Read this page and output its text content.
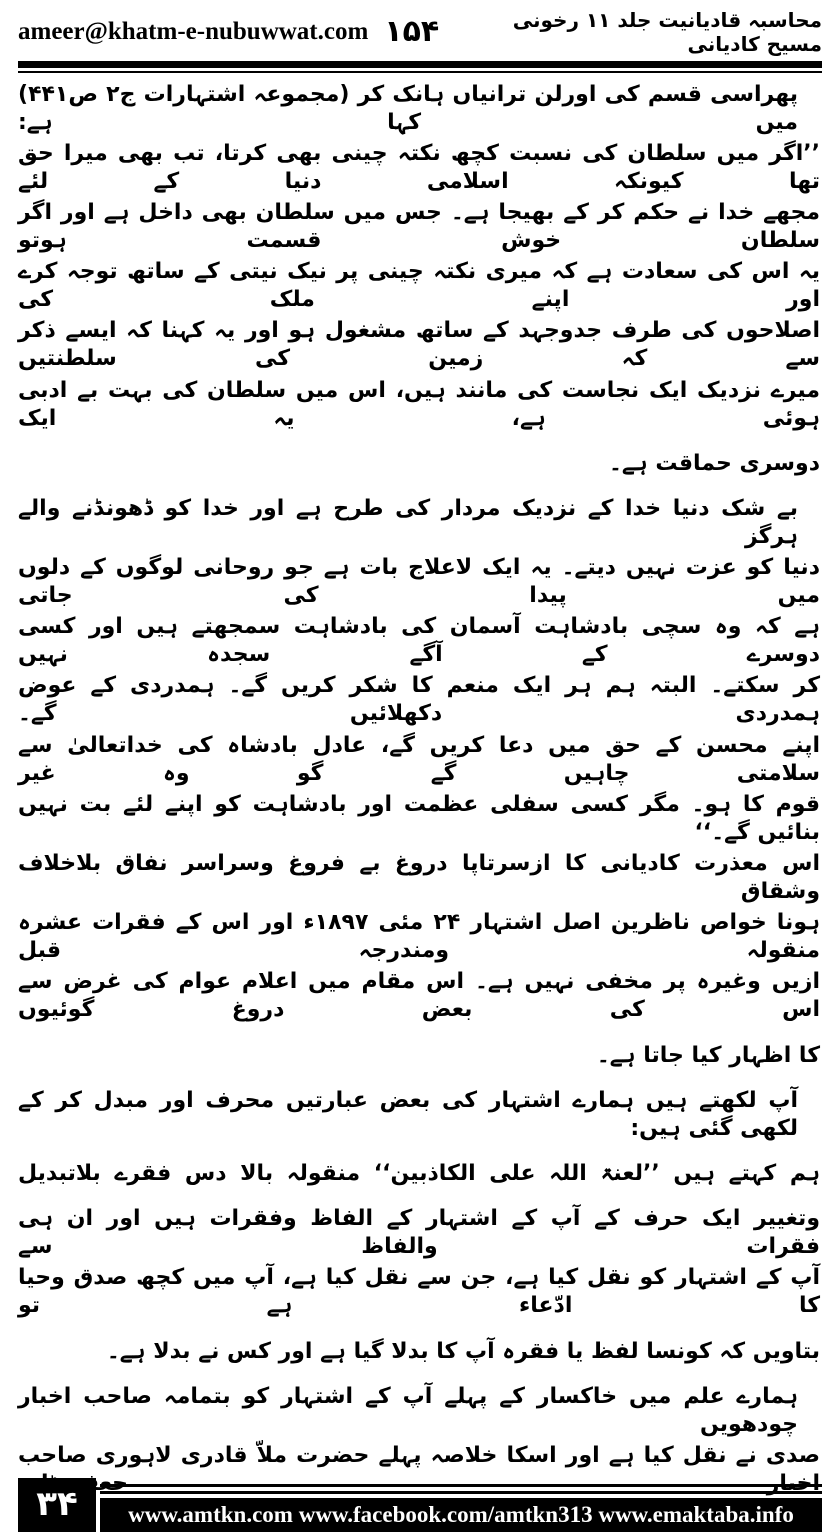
ameer@khatm-e-nubuwwat.com ۱۵۴	محاسبہ قادیانیت جلد ۱۱ رخونی مسیح کادیانی
پھراسی قسم کی اورلن ترانیاں ہانک کر (مجموعہ اشتہارات ج۲ ص۴۴۱) میں کہا ہے:
’’اگر میں سلطان کی نسبت کچھ نکتہ چینی بھی کرتا، تب بھی میرا حق تھا کیونکہ اسلامی دنیا کے لئے
مجھے خدا نے حکم کر کے بھیجا ہے۔ جس میں سلطان بھی داخل ہے اور اگر سلطان خوش قسمت ہوتو
یہ اس کی سعادت ہے کہ میری نکتہ چینی پر نیک نیتی کے ساتھ توجہ کرے اور اپنے ملک کی
اصلاحوں کی طرف جدوجہد کے ساتھ مشغول ہو اور یہ کہنا کہ ایسے ذکر سے کہ زمین کی سلطنتیں
میرے نزدیک ایک نجاست کی مانند ہیں، اس میں سلطان کی بہت بے ادبی ہوئی ہے، یہ ایک
دوسری حماقت ہے۔
بے شک دنیا خدا کے نزدیک مردار کی طرح ہے اور خدا کو ڈھونڈنے والے ہرگز
دنیا کو عزت نہیں دیتے۔ یہ ایک لاعلاج بات ہے جو روحانی لوگوں کے دلوں میں پیدا کی جاتی
ہے کہ وہ سچی بادشاہت آسمان کی بادشاہت سمجھتے ہیں اور کسی دوسرے کے آگے سجدہ نہیں
کر سکتے۔ البتہ ہم ہر ایک منعم کا شکر کریں گے۔ ہمدردی کے عوض ہمدردی دکھلائیں گے۔
اپنے محسن کے حق میں دعا کریں گے، عادل بادشاہ کی خداتعالیٰ سے سلامتی چاہیں گے گو وہ غیر
قوم کا ہو۔ مگر کسی سفلی عظمت اور بادشاہت کو اپنے لئے بت نہیں بنائیں گے۔‘‘
اس معذرت کادیانی کا ازسرتاپا دروغ بے فروغ وسراسر نفاق بلاخلاف وشقاق
ہونا خواص ناظرین اصل اشتہار ۲۴ مئی ۱۸۹۷ء اور اس کے فقرات عشرہ منقولہ ومندرجہ قبل
ازیں وغیرہ پر مخفی نہیں ہے۔ اس مقام میں اعلام عوام کی غرض سے اس کی بعض دروغ گوئیوں
کا اظہار کیا جاتا ہے۔
آپ لکھتے ہیں ہمارے اشتہار کی بعض عبارتیں محرف اور مبدل کر کے لکھی گئی ہیں:
ہم کہتے ہیں ’’لعنۃ اللہ علی الکاذبین‘‘ منقولہ بالا دس فقرے بلاتبدیل
وتغییر ایک حرف کے آپ کے اشتہار کے الفاظ وفقرات ہیں اور ان ہی فقرات والفاظ سے
آپ کے اشتہار کو نقل کیا ہے، جن سے نقل کیا ہے، آپ میں کچھ صدق وحیا کا ادّعاء ہے تو
بتاویں کہ کونسا لفظ یا فقرہ آپ کا بدلا گیا ہے اور کس نے بدلا ہے۔
ہمارے علم میں خاکسار کے پہلے آپ کے اشتہار کو بتمامہ صاحب اخبار چودھویں
صدی نے نقل کیا ہے اور اسکا خلاصہ پہلے حضرت ملاّ قادری لاہوری صاحب
۳۴	www.amtkn.com www.facebook.com/amtkn313 www.emaktaba.info
